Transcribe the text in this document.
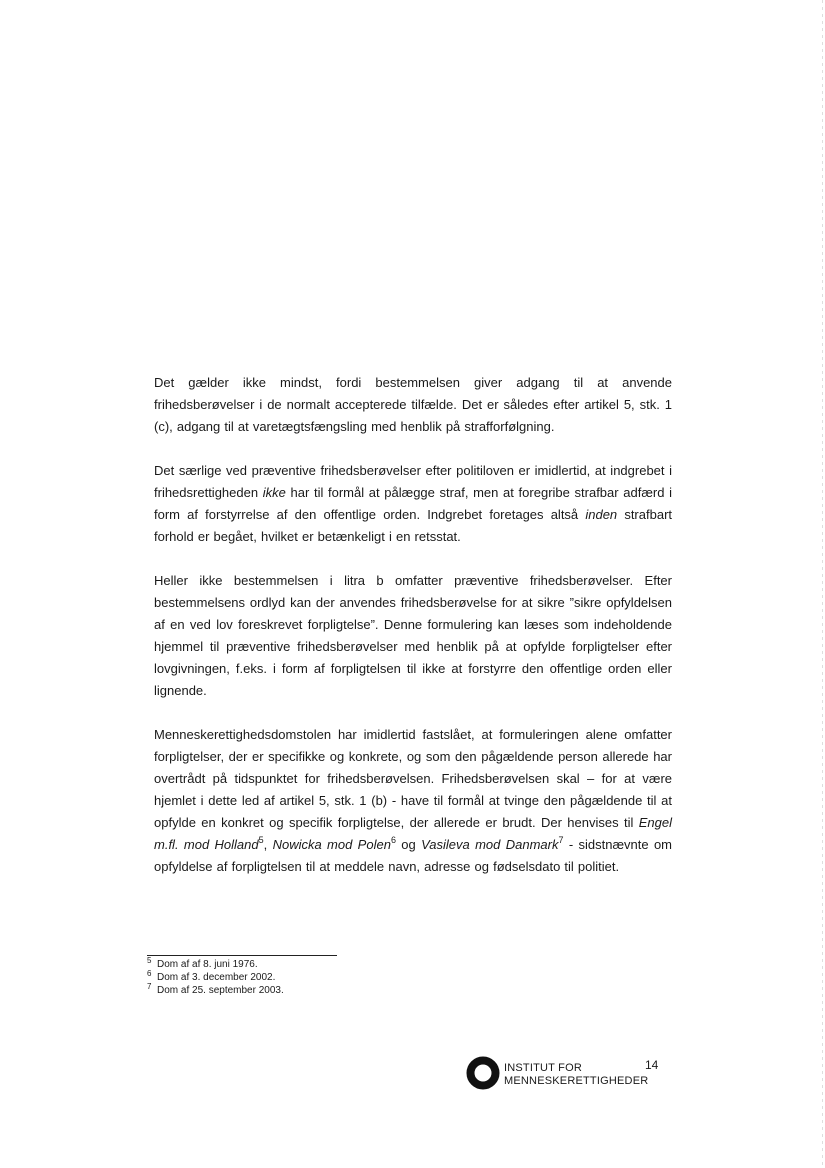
Det gælder ikke mindst, fordi bestemmelsen giver adgang til at anvende frihedsberøvelser i de normalt accepterede tilfælde. Det er således efter artikel 5, stk. 1 (c), adgang til at varetægtsfængsling med henblik på strafforfølgning.

Det særlige ved præventive frihedsberøvelser efter politiloven er imidlertid, at indgrebet i frihedsrettigheden ikke har til formål at pålægge straf, men at foregribe strafbar adfærd i form af forstyrrelse af den offentlige orden. Indgrebet foretages altså inden strafbart forhold er begået, hvilket er betænkeligt i en retsstat.

Heller ikke bestemmelsen i litra b omfatter præventive frihedsberøvelser. Efter bestemmelsens ordlyd kan der anvendes frihedsberøvelse for at sikre ”sikre opfyldelsen af en ved lov foreskrevet forpligtelse”. Denne formulering kan læses som indeholdende hjemmel til præventive frihedsberøvelser med henblik på at opfylde forpligtelser efter lovgivningen, f.eks. i form af forpligtelsen til ikke at forstyrre den offentlige orden eller lignende.

Menneskerettighedsdomstolen har imidlertid fastslået, at formuleringen alene omfatter forpligtelser, der er specifikke og konkrete, og som den pågældende person allerede har overtrådt på tidspunktet for frihedsberøvelsen. Frihedsberøvelsen skal – for at være hjemlet i dette led af artikel 5, stk. 1 (b) - have til formål at tvinge den pågældende til at opfylde en konkret og specifik forpligtelse, der allerede er brudt. Der henvises til Engel m.fl. mod Holland$^5$, Nowicka mod Polen$^6$ og Vasileva mod Danmark$^7$ - sidstnævnte om opfyldelse af forpligtelsen til at meddele navn, adresse og fødselsdato til politiet.

5 Dom af af 8. juni 1976.
6 Dom af 3. december 2002.
7 Dom af 25. september 2003.
INSTITUT FOR
MENNESKERETTIGHEDER
14
